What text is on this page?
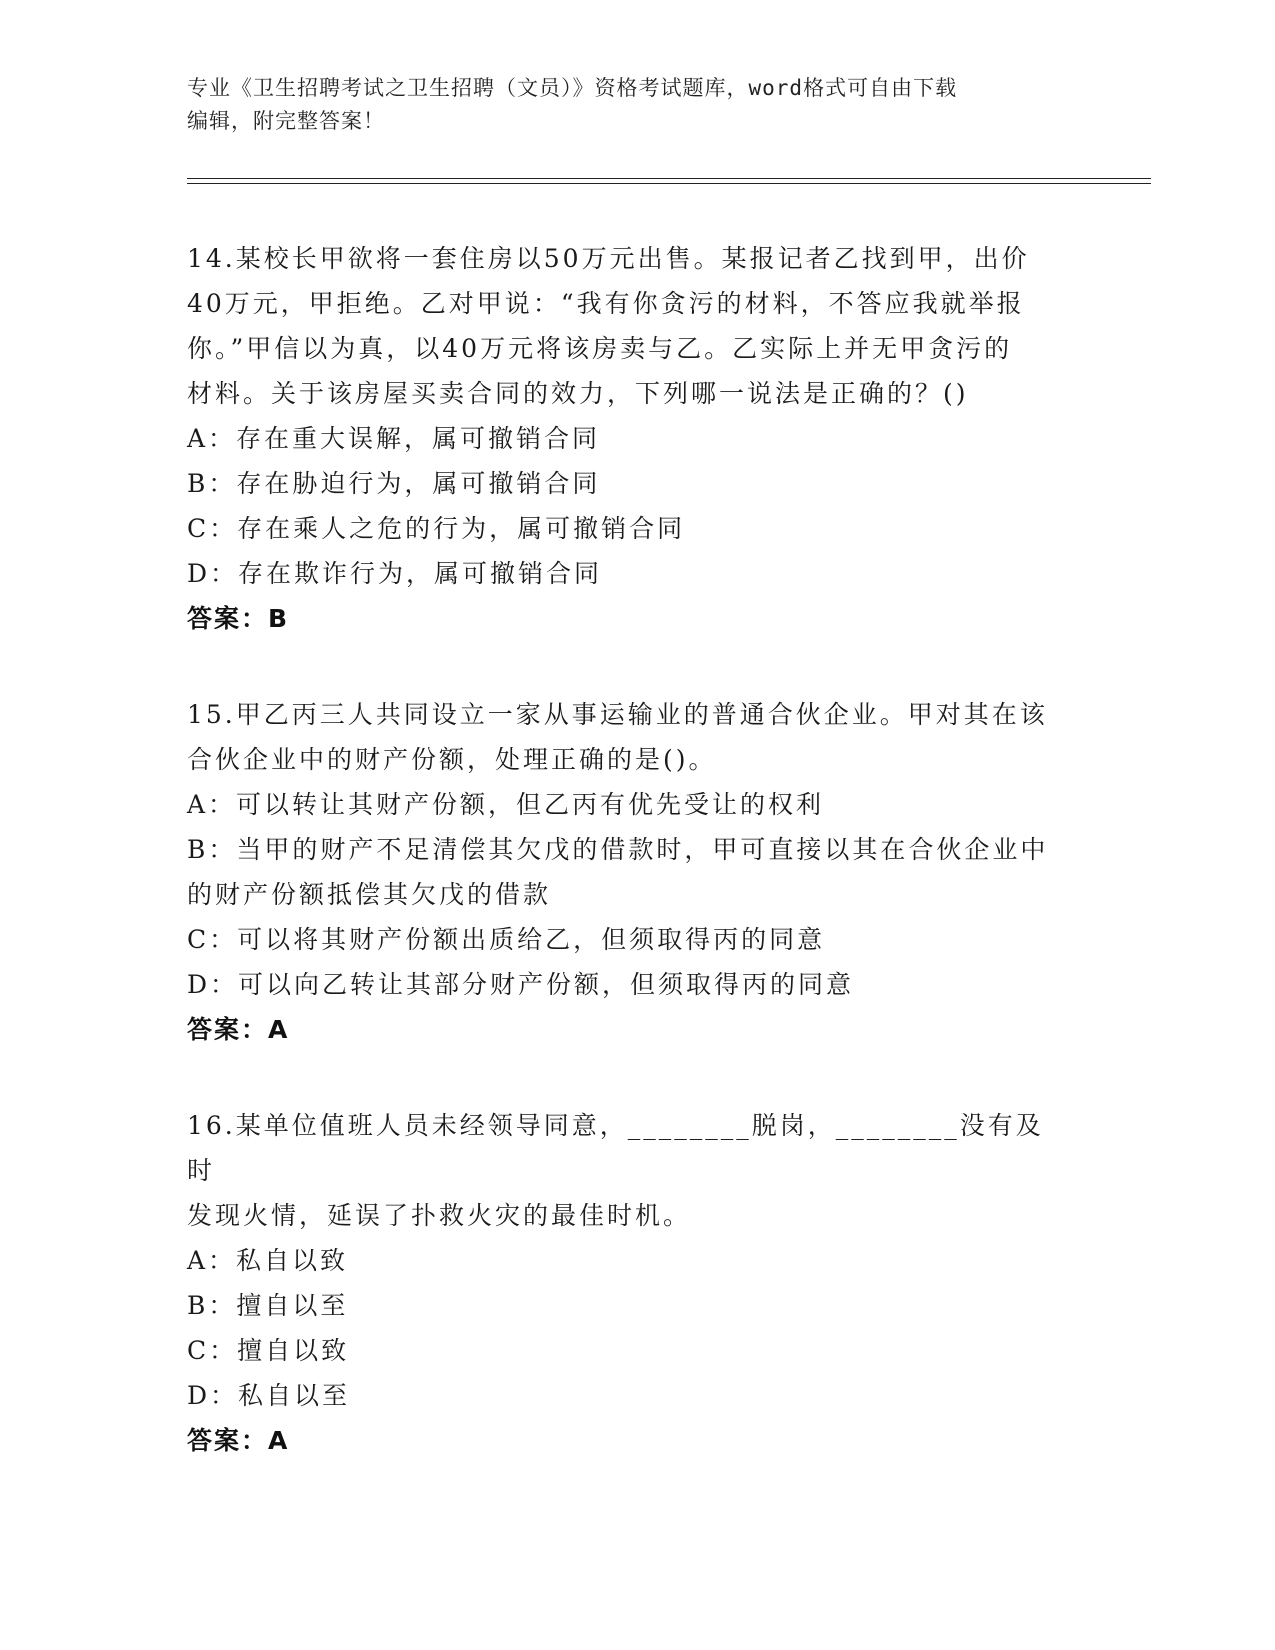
专业《卫生招聘考试之卫生招聘（文员）》资格考试题库，word格式可自由下载
编辑，附完整答案！

14.某校长甲欲将一套住房以50万元出售。某报记者乙找到甲，出价

40万元，甲拒绝。乙对甲说：“我有你贪污的材料，不答应我就举报

你。”甲信以为真，以40万元将该房卖与乙。乙实际上并无甲贪污的

材料。关于该房屋买卖合同的效力，下列哪一说法是正确的？()

A：存在重大误解，属可撤销合同

B：存在胁迫行为，属可撤销合同

C：存在乘人之危的行为，属可撤销合同

D：存在欺诈行为，属可撤销合同

答案：B

15.甲乙丙三人共同设立一家从事运输业的普通合伙企业。甲对其在该

合伙企业中的财产份额，处理正确的是()。

A：可以转让其财产份额，但乙丙有优先受让的权利

B：当甲的财产不足清偿其欠戊的借款时，甲可直接以其在合伙企业中

的财产份额抵偿其欠戊的借款

C：可以将其财产份额出质给乙，但须取得丙的同意

D：可以向乙转让其部分财产份额，但须取得丙的同意

答案：A

16.某单位值班人员未经领导同意，________脱岗，________没有及时

发现火情，延误了扑救火灾的最佳时机。

A：私自以致

B：擅自以至

C：擅自以致

D：私自以至

答案：A
